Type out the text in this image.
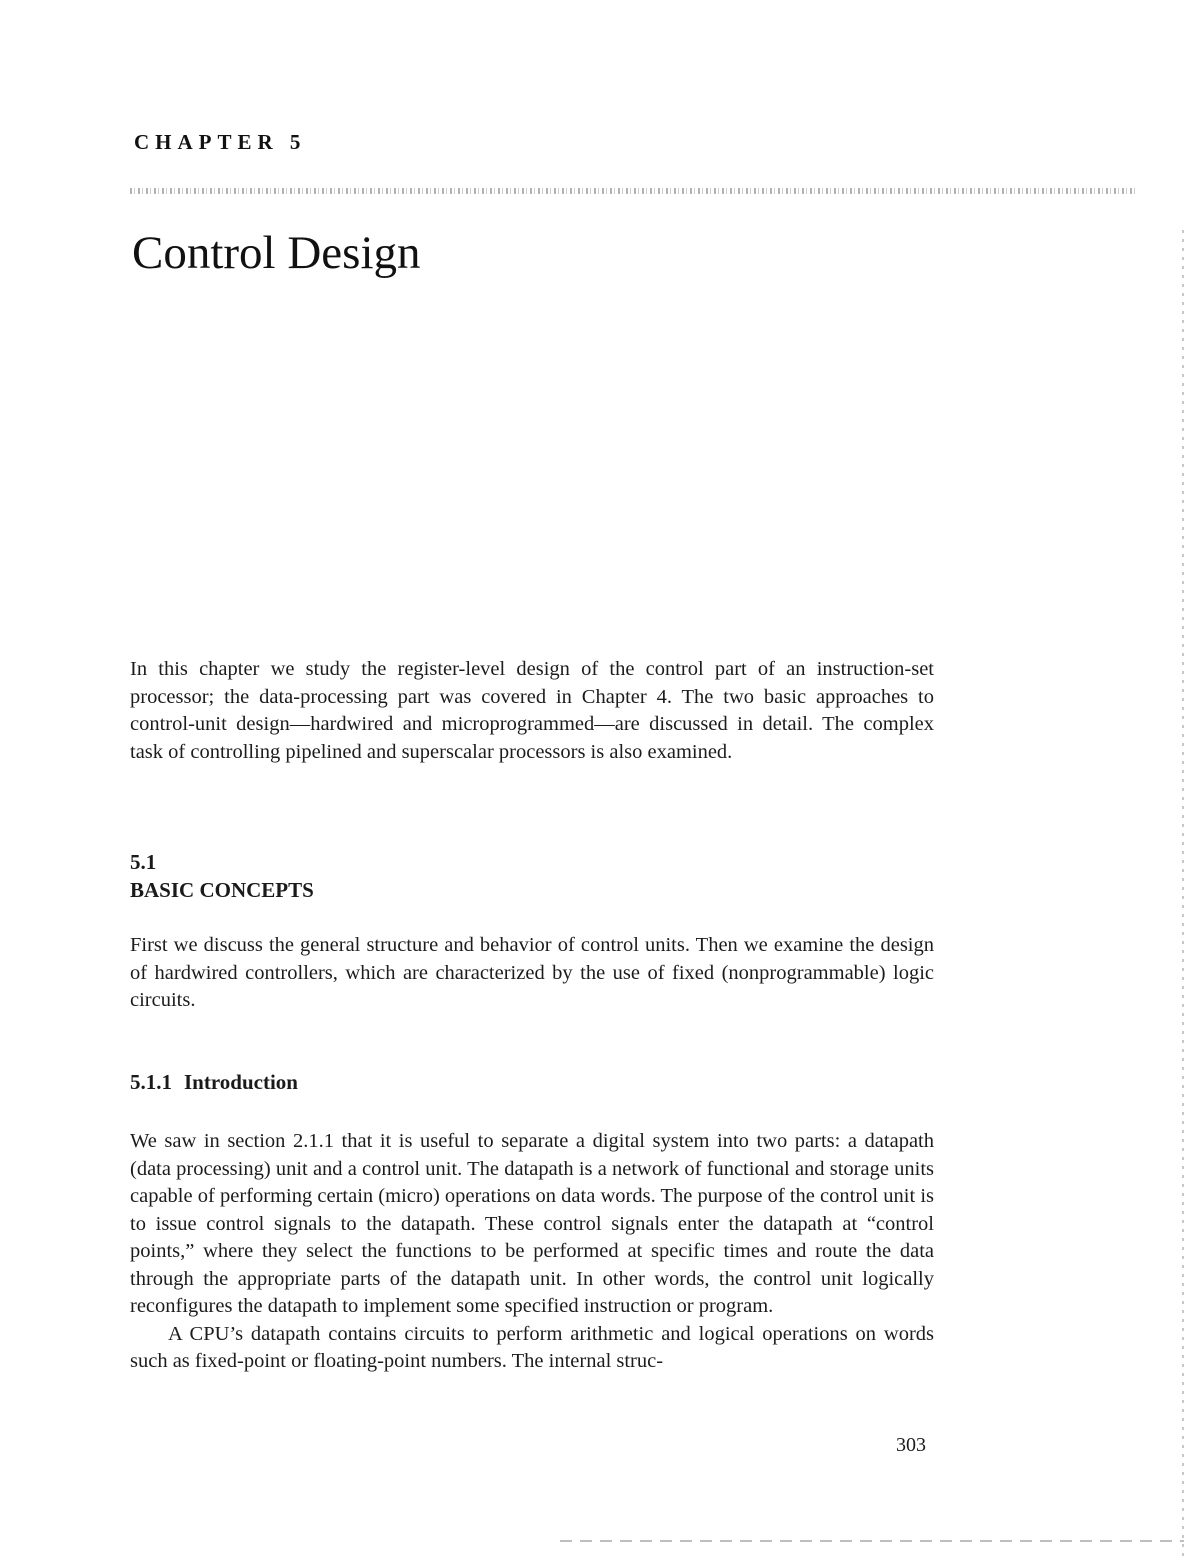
CHAPTER 5
Control Design
In this chapter we study the register-level design of the control part of an instruction-set processor; the data-processing part was covered in Chapter 4. The two basic approaches to control-unit design—hardwired and microprogrammed—are discussed in detail. The complex task of controlling pipelined and superscalar processors is also examined.
5.1
BASIC CONCEPTS
First we discuss the general structure and behavior of control units. Then we examine the design of hardwired controllers, which are characterized by the use of fixed (nonprogrammable) logic circuits.
5.1.1 Introduction

We saw in section 2.1.1 that it is useful to separate a digital system into two parts: a datapath (data processing) unit and a control unit. The datapath is a network of functional and storage units capable of performing certain (micro) operations on data words. The purpose of the control unit is to issue control signals to the datapath. These control signals enter the datapath at “control points,” where they select the functions to be performed at specific times and route the data through the appropriate parts of the datapath unit. In other words, the control unit logically reconfigures the datapath to implement some specified instruction or program.

A CPU’s datapath contains circuits to perform arithmetic and logical operations on words such as fixed-point or floating-point numbers. The internal struc-

303
